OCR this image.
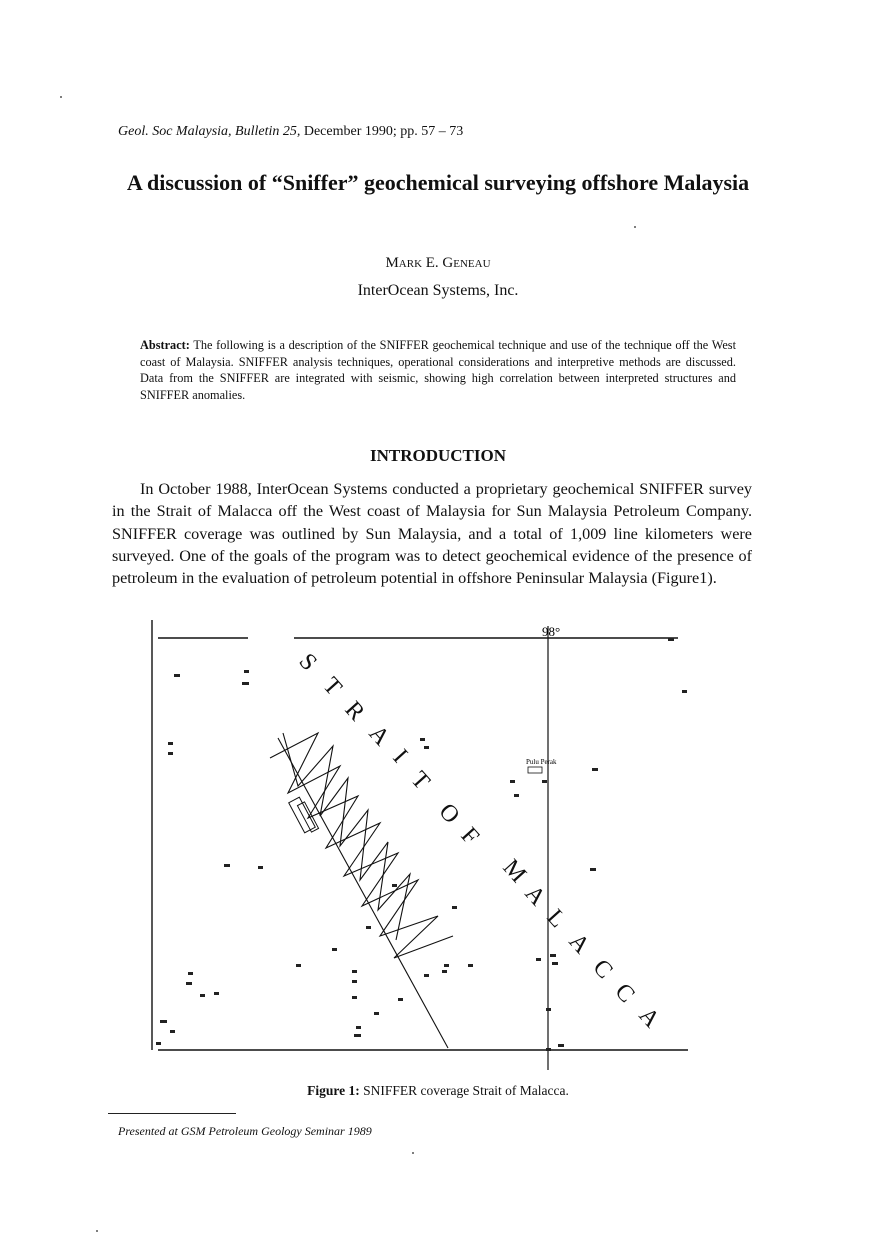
Geol. Soc Malaysia, Bulletin 25, December 1990; pp. 57 – 73
A discussion of “Sniffer” geochemical surveying offshore Malaysia
Mark E. Geneau
InterOcean Systems, Inc.

Abstract: The following is a description of the SNIFFER geochemical technique and use of the technique off the West coast of Malaysia. SNIFFER analysis techniques, operational considerations and interpretive methods are discussed. Data from the SNIFFER are integrated with seismic, showing high correlation between interpreted structures and SNIFFER anomalies.

INTRODUCTION

In October 1988, InterOcean Systems conducted a proprietary geochemical SNIFFER survey in the Strait of Malacca off the West coast of Malaysia for Sun Malaysia Petroleum Company. SNIFFER coverage was outlined by Sun Malaysia, and a total of 1,009 line kilometers were surveyed. One of the goals of the program was to detect geochemical evidence of the presence of petroleum in the evaluation of petroleum potential in offshore Peninsular Malaysia (Figure1).

98°
S
T
R
A
I
T
O
F
M
A
L
A
C
C
A
Pulu Perak
Figure 1: SNIFFER coverage Strait of Malacca.
Presented at GSM Petroleum Geology Seminar 1989
